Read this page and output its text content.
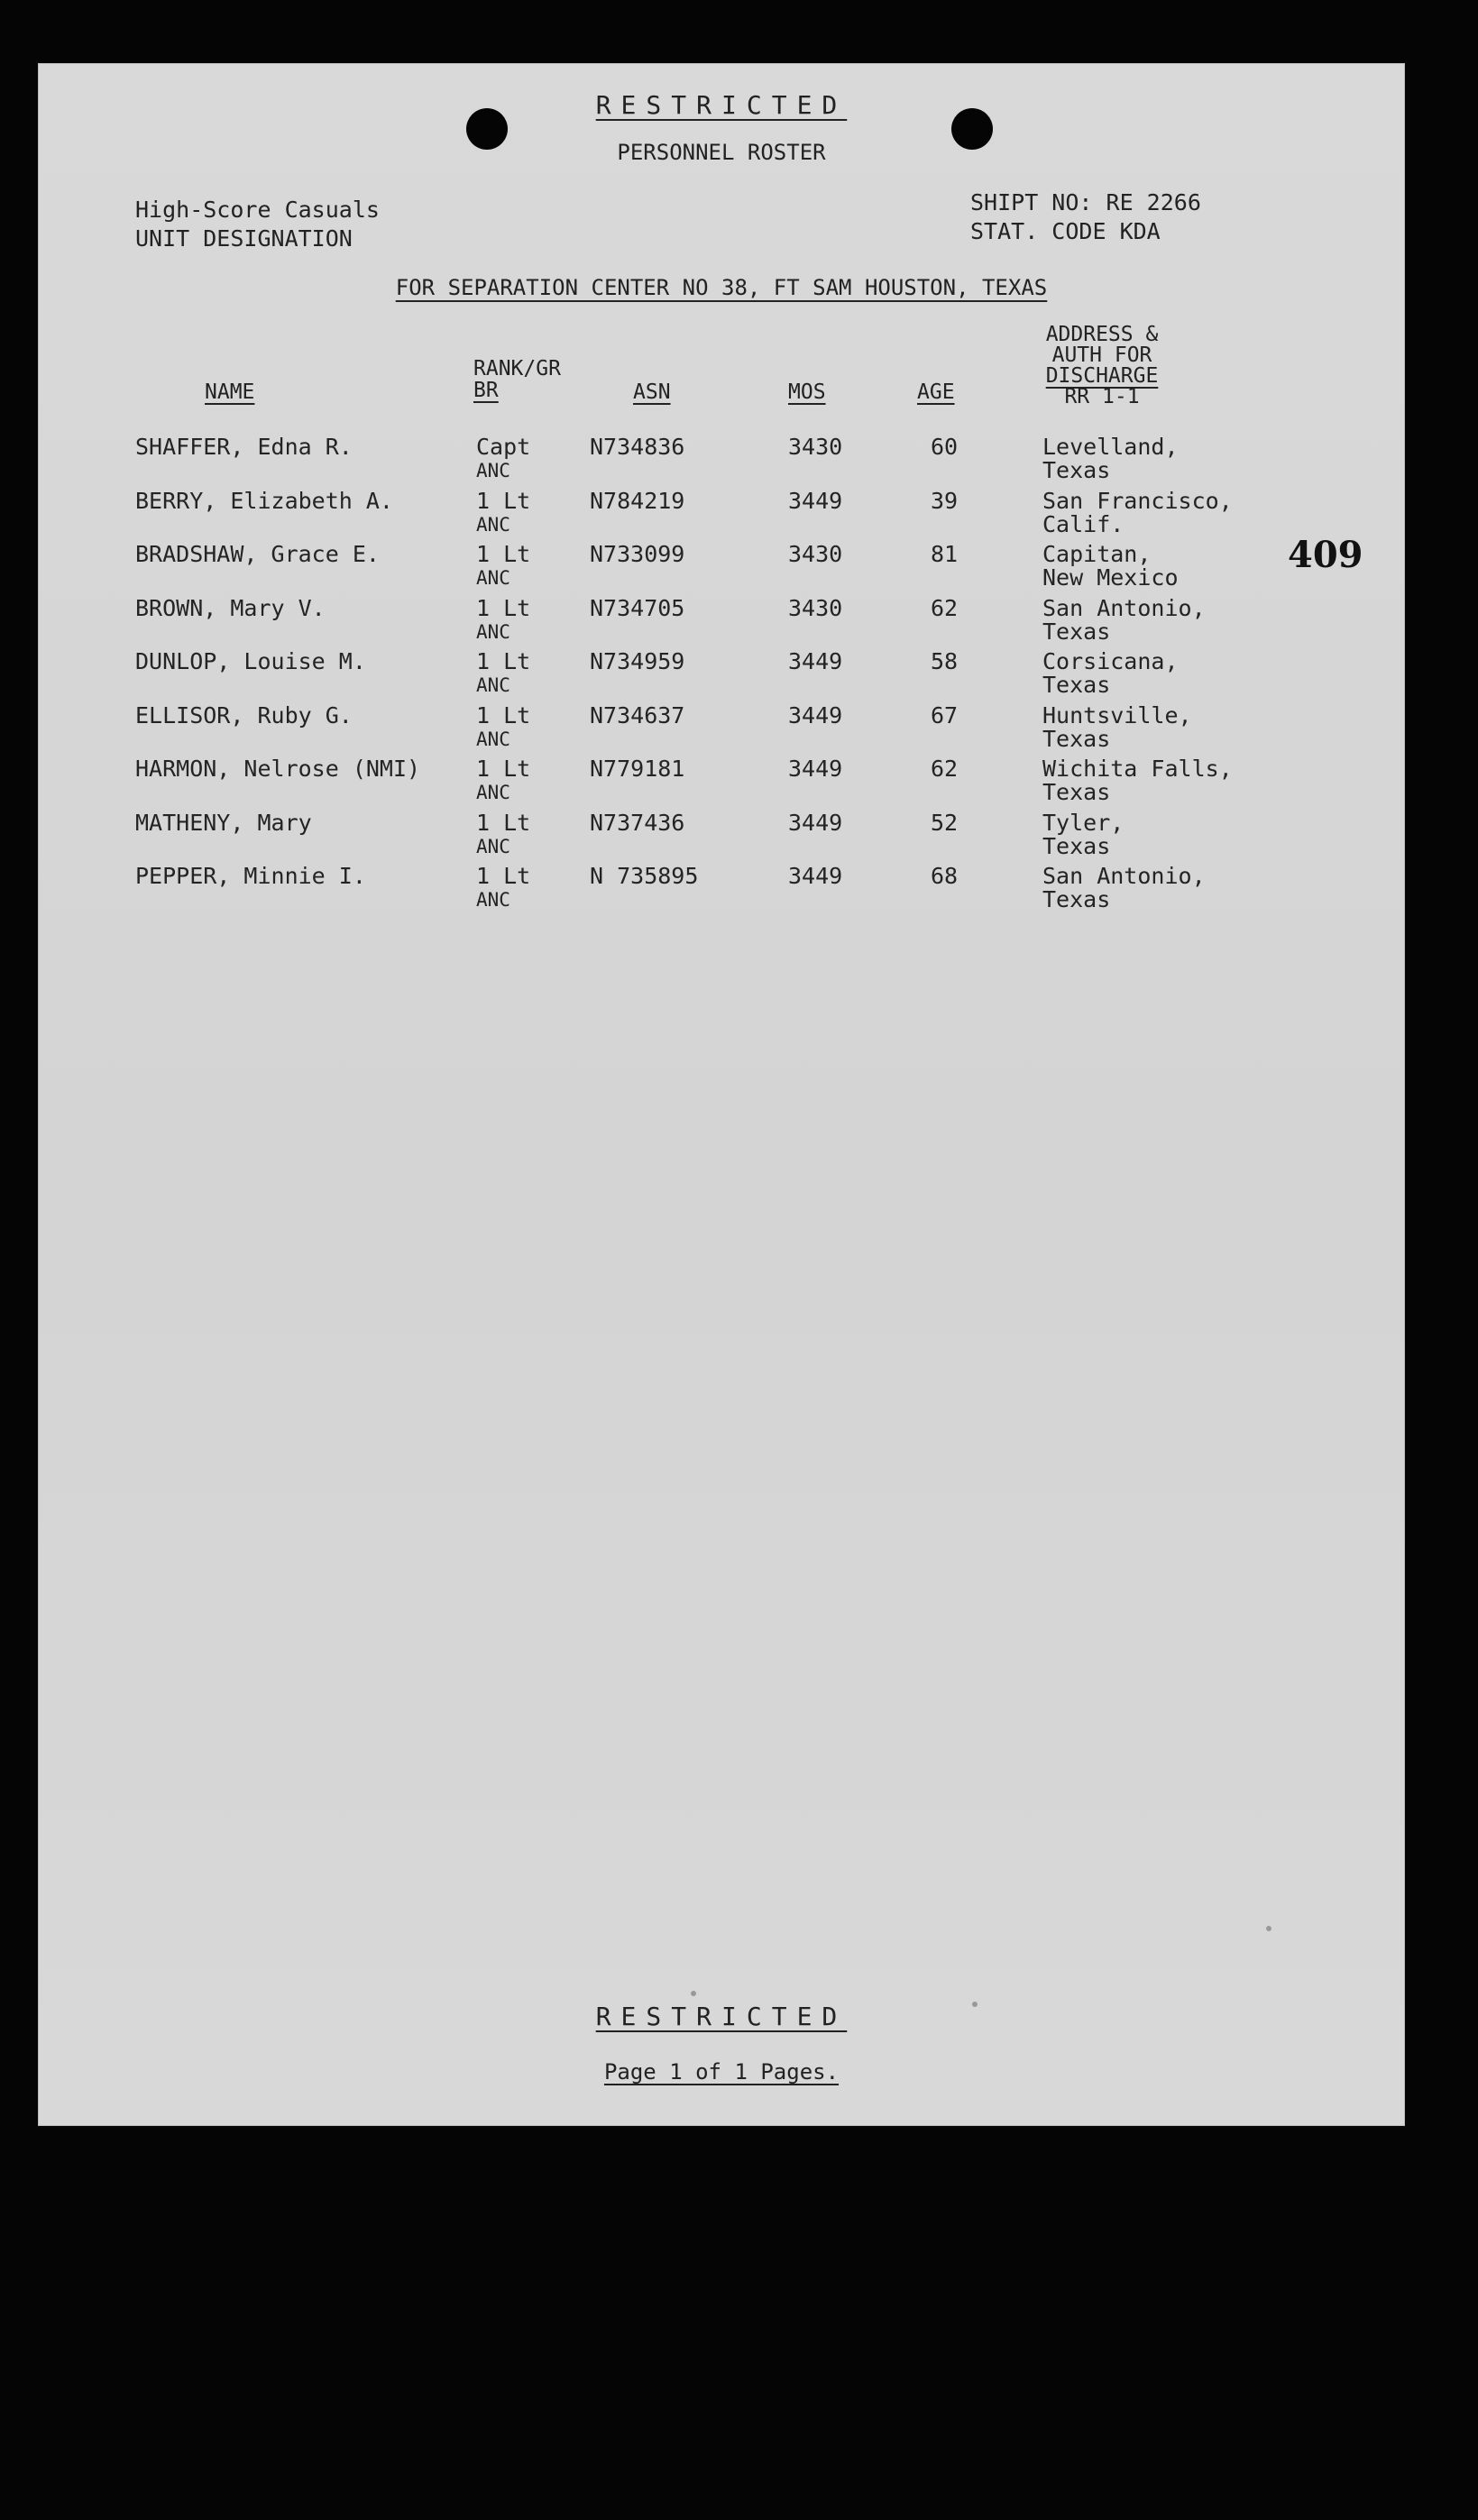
RESTRICTED
PERSONNEL ROSTER
High-Score Casuals
UNIT DESIGNATION
SHIPT NO: RE 2266
STAT. CODE KDA
FOR SEPARATION CENTER NO 38, FT SAM HOUSTON, TEXAS
NAME
RANK/GR
BR	ASN	MOS	AGE
ADDRESS &
AUTH FOR
DISCHARGE
RR 1-1
SHAFFER, Edna R.	Capt	N734836	3430	60	Levelland,
ANC	Texas
BERRY, Elizabeth A.	1 Lt	N784219	3449	39	San Francisco,
ANC	Calif.
BRADSHAW, Grace E.	1 Lt	N733099	3430	81	Capitan,
ANC	New Mexico
BROWN, Mary V.	1 Lt	N734705	3430	62	San Antonio,
ANC	Texas
DUNLOP, Louise M.	1 Lt	N734959	3449	58	Corsicana,
ANC	Texas
ELLISOR, Ruby G.	1 Lt	N734637	3449	67	Huntsville,
ANC	Texas
HARMON, Nelrose (NMI) 1 Lt	N779181	3449	62	Wichita Falls,
ANC	Texas
MATHENY, Mary	1 Lt	N737436	3449	52	Tyler,
ANC	Texas
PEPPER, Minnie I.	1 Lt	N 735895	3449	68	San Antonio,
ANC	Texas
409
RESTRICTED
Page 1 of 1 Pages.
